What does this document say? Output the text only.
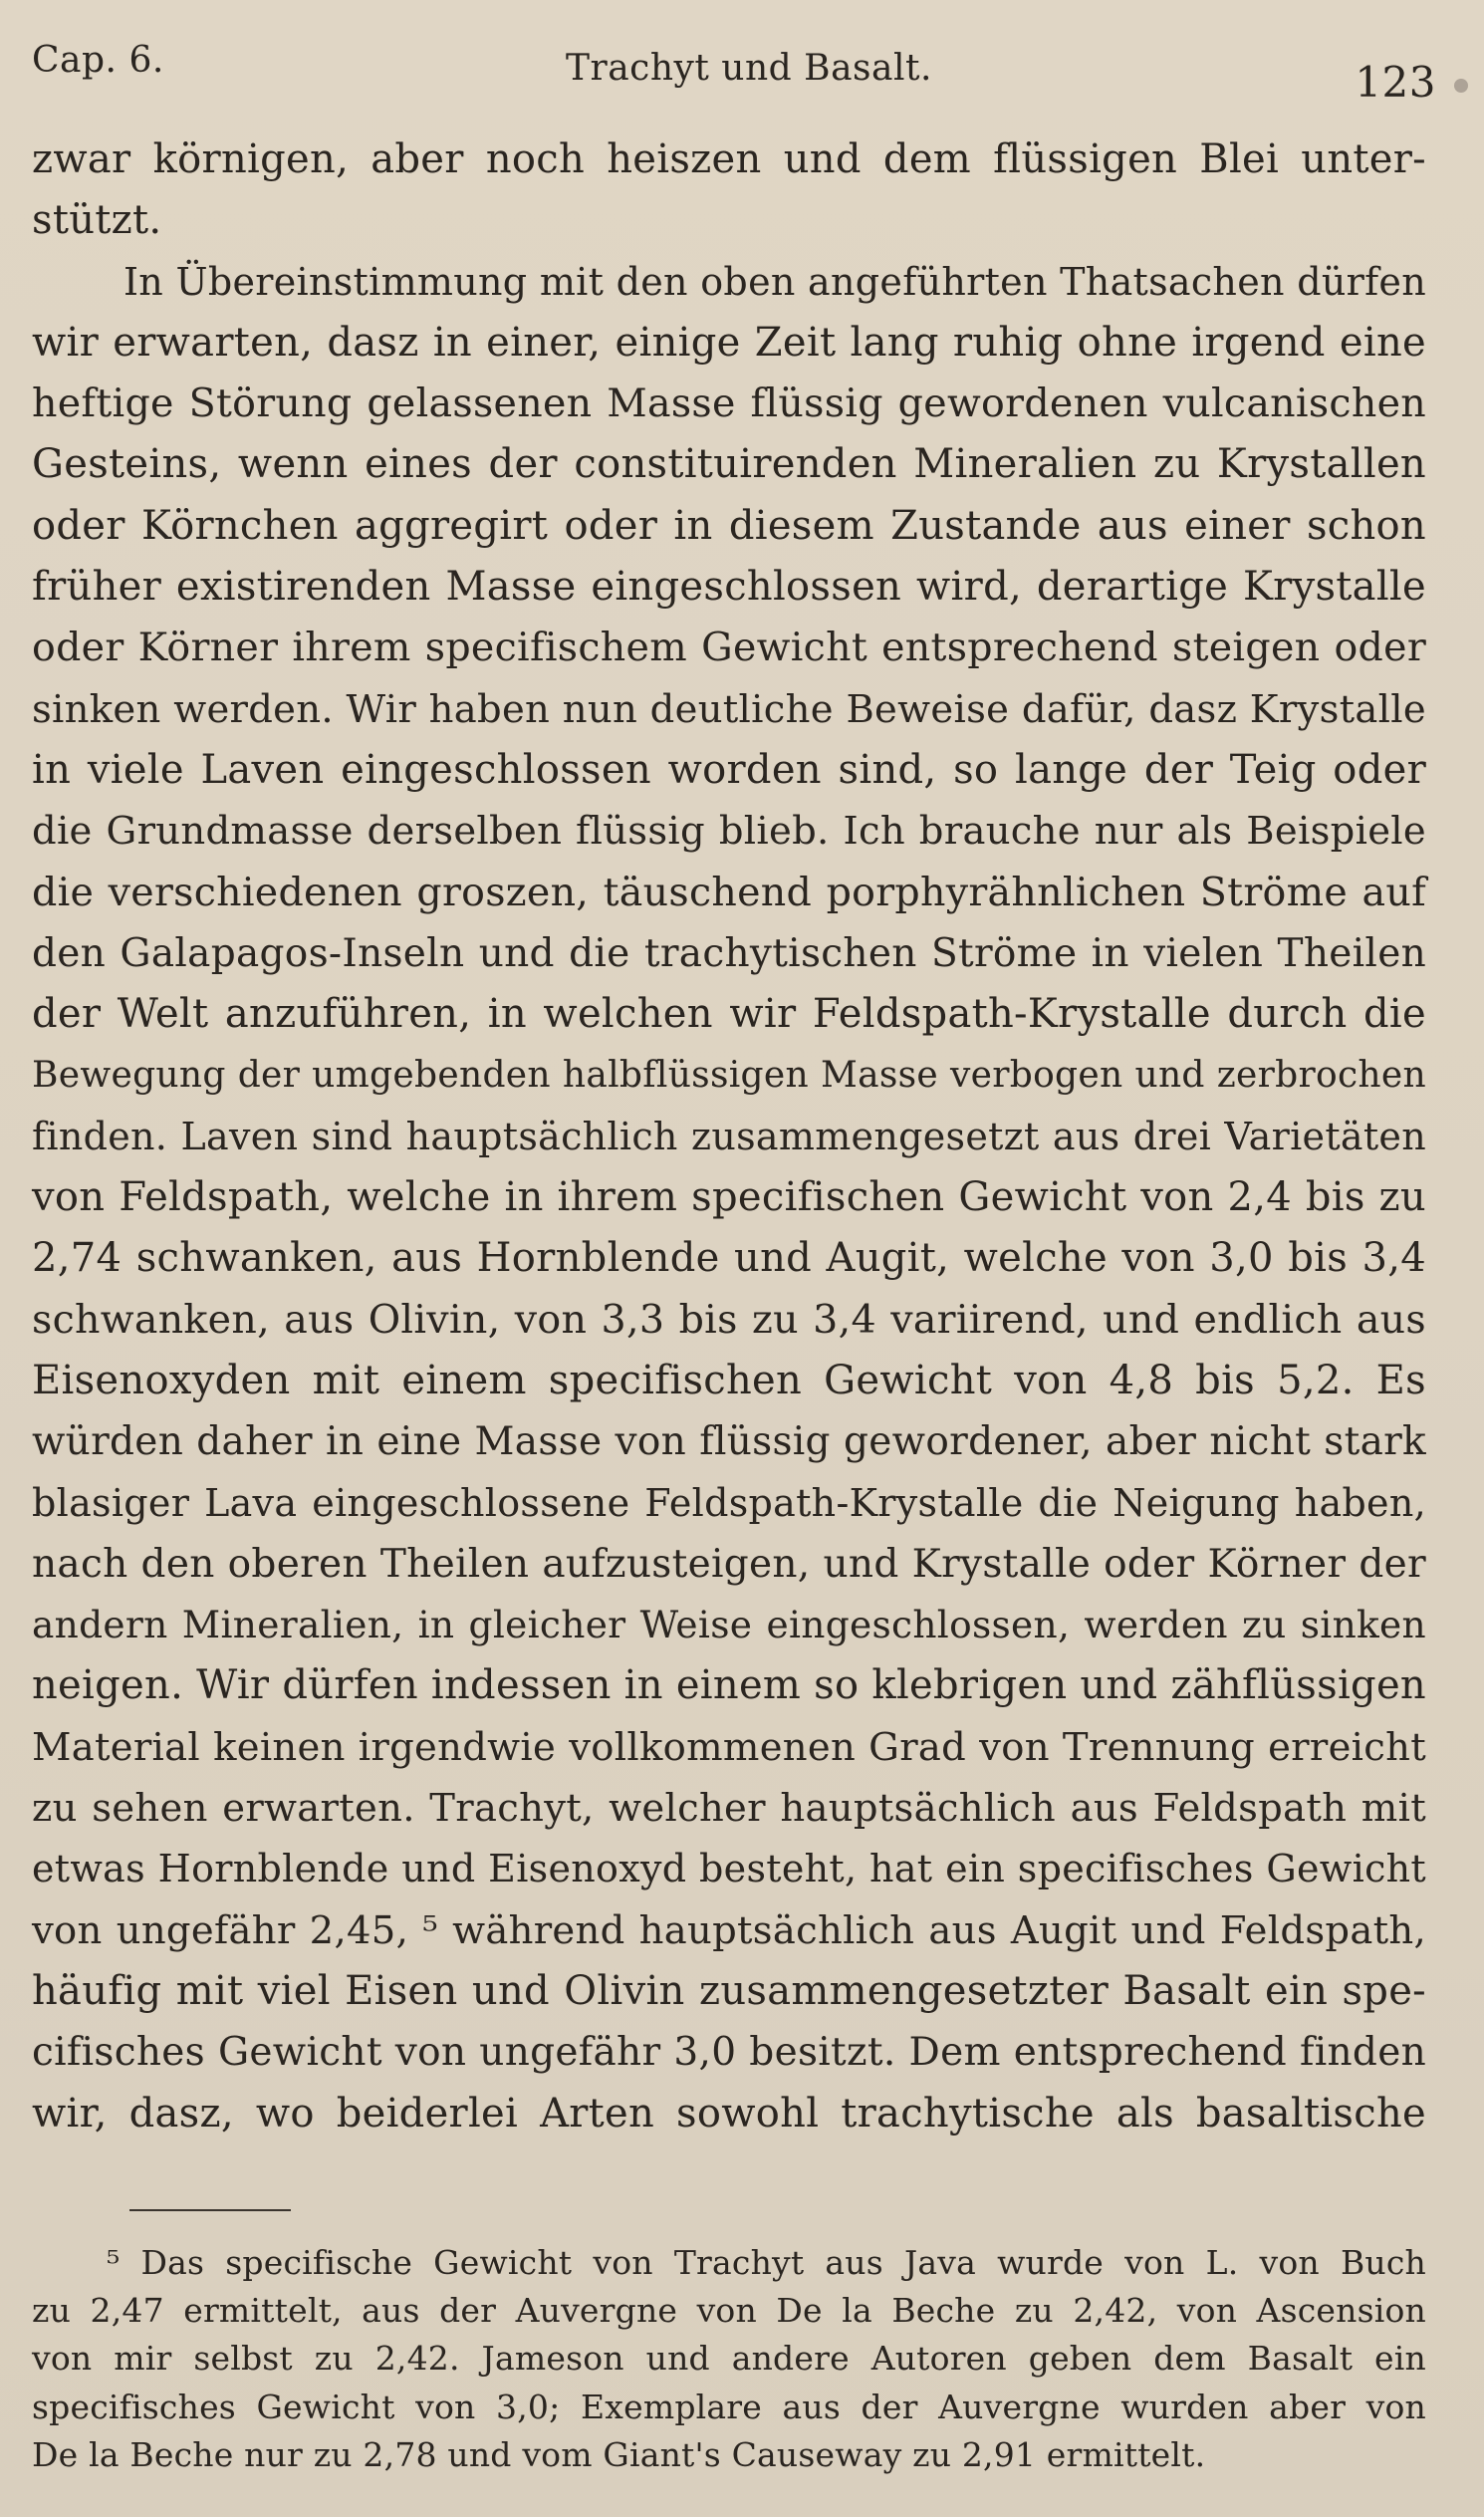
Cap. 6.	Trachyt und Basalt.	123
zwar körnigen, aber noch heiszen und dem flüssigen Blei unter-
stützt.
In Übereinstimmung mit den oben angeführten Thatsachen dürfen
wir erwarten, dasz in einer, einige Zeit lang ruhig ohne irgend eine
heftige Störung gelassenen Masse flüssig gewordenen vulcanischen
Gesteins, wenn eines der constituirenden Mineralien zu Krystallen
oder Körnchen aggregirt oder in diesem Zustande aus einer schon
früher existirenden Masse eingeschlossen wird, derartige Krystalle
oder Körner ihrem specifischem Gewicht entsprechend steigen oder
sinken werden. Wir haben nun deutliche Beweise dafür, dasz Krystalle
in viele Laven eingeschlossen worden sind, so lange der Teig oder
die Grundmasse derselben flüssig blieb. Ich brauche nur als Beispiele
die verschiedenen groszen, täuschend porphyrähnlichen Ströme auf
den Galapagos-Inseln und die trachytischen Ströme in vielen Theilen
der Welt anzuführen, in welchen wir Feldspath-Krystalle durch die
Bewegung der umgebenden halbflüssigen Masse verbogen und zerbrochen
finden. Laven sind hauptsächlich zusammengesetzt aus drei Varietäten
von Feldspath, welche in ihrem specifischen Gewicht von 2,4 bis zu
2,74 schwanken, aus Hornblende und Augit, welche von 3,0 bis 3,4
schwanken, aus Olivin, von 3,3 bis zu 3,4 variirend, und endlich aus
Eisenoxyden mit einem specifischen Gewicht von 4,8 bis 5,2. Es
würden daher in eine Masse von flüssig gewordener, aber nicht stark
blasiger Lava eingeschlossene Feldspath-Krystalle die Neigung haben,
nach den oberen Theilen aufzusteigen, und Krystalle oder Körner der
andern Mineralien, in gleicher Weise eingeschlossen, werden zu sinken
neigen. Wir dürfen indessen in einem so klebrigen und zähflüssigen
Material keinen irgendwie vollkommenen Grad von Trennung erreicht
zu sehen erwarten. Trachyt, welcher hauptsächlich aus Feldspath mit
etwas Hornblende und Eisenoxyd besteht, hat ein specifisches Gewicht
von ungefähr 2,45, ⁵ während hauptsächlich aus Augit und Feldspath,
häufig mit viel Eisen und Olivin zusammengesetzter Basalt ein spe-
cifisches Gewicht von ungefähr 3,0 besitzt. Dem entsprechend finden
wir, dasz, wo beiderlei Arten sowohl trachytische als basaltische
⁵ Das specifische Gewicht von Trachyt aus Java wurde von L. von Buch
zu 2,47 ermittelt, aus der Auvergne von De la Beche zu 2,42, von Ascension
von mir selbst zu 2,42. Jameson und andere Autoren geben dem Basalt ein
specifisches Gewicht von 3,0; Exemplare aus der Auvergne wurden aber von
De la Beche nur zu 2,78 und vom Giant's Causeway zu 2,91 ermittelt.
